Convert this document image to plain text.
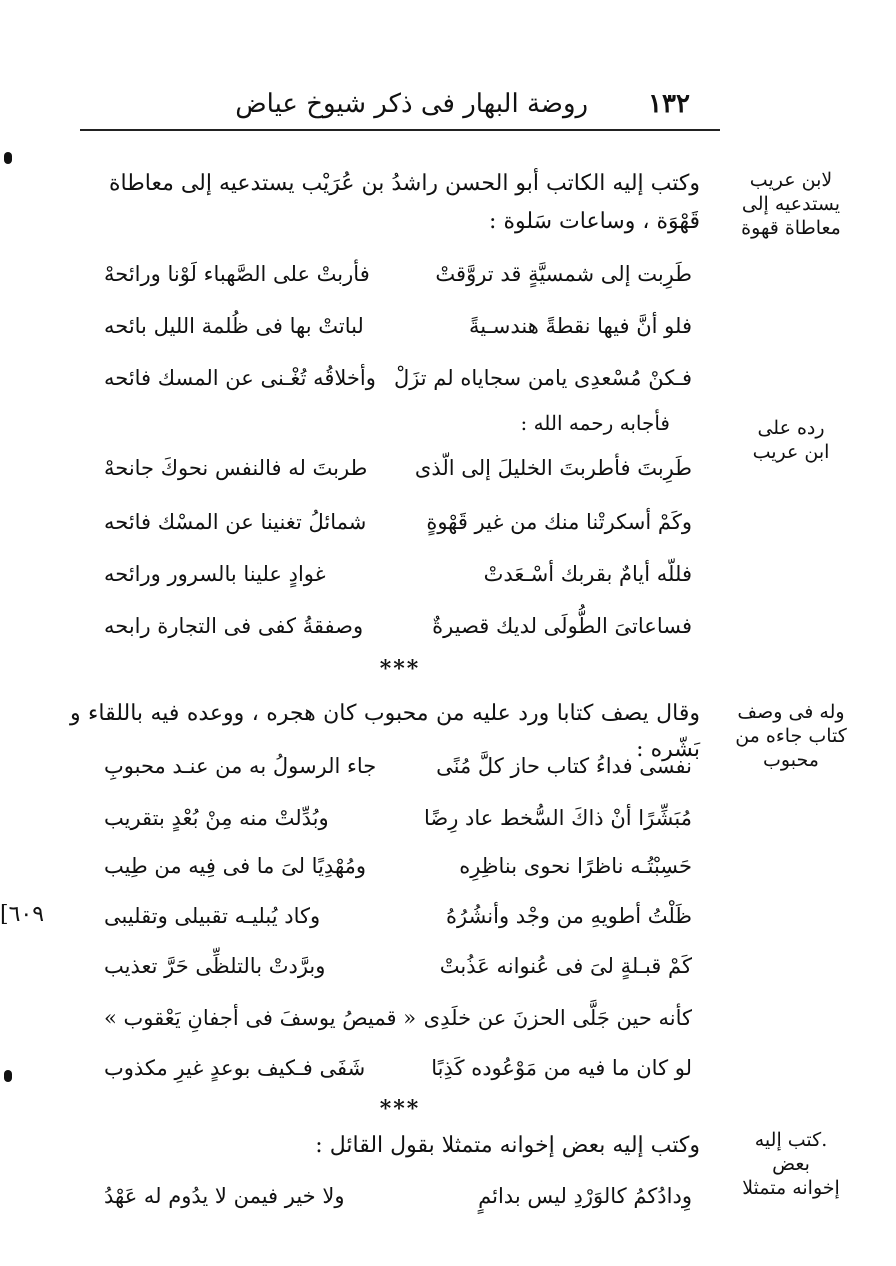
١٣٢
روضة البهار فى ذكر شيوخ عياض
[٦٠٩
وكتب إليه الكاتب أبو الحسن راشدُ بن عُرَيْب يستدعيه إلى معاطاة
قَهْوَة ، وساعات سَلوة :
طَرِبت إلى شمسيَّةٍ قد تروَّقتْ
فأربتْ على الصَّهباء لَوْنا ورائحهْ
فلو أنَّ فيها نقطةً هندسـيةً
لباتتْ بها فى ظُلمة الليل بائحه
فـكنْ مُسْعدِى يامن سجاياه لم تزَلْ
وأخلاقُه تُغْـنى عن المسك فائحه
فأجابه رحمه الله :
طَرِبتَ فأطربتَ الخليلَ إلى الّذى
طربتَ له فالنفس نحوكَ جانحهْ
وكَمْ أسكرتْنا منك من غير قَهْوةٍ
شمائلُ تغنينا عن المسْك فائحه
فللّه أيامٌ بقربك أسْـعَدتْ
غوادٍ علينا بالسرور ورائحه
فساعاتىَ الطُّولَى لديك قصيرةٌ
وصفقةُ كفى فى التجارة رابحه
***
وقال يصف كتابا ورد عليه من محبوب كان هجره ، ووعده فيه باللقاء و بَشّره :
نفسى فداءُ كتاب حاز كلَّ مُنًى
جاء الرسولُ به من عنـد محبوبِ
مُبَشِّرًا أنْ ذاكَ السُّخط عاد رِضًا
وبُدِّلتْ منه مِنْ بُعْدٍ بتقريب
حَسِبْتُـه ناظرًا نحوى بناظِرِه
ومُهْدِيًا لىَ ما فى فِيه من طِيب
ظَلْتُ أطويهِ من وجْد وأنشُرُهُ
وكاد يُبليـه تقبيلى وتقليبى
كَمْ قبـلةٍ لىَ فى عُنوانه عَذُبتْ
وبرَّدتْ بالتلظِّى حَرَّ تعذيب
كأنه حين جَلَّى الحزنَ عن خلَدِى
« قميصُ يوسفَ فى أجفانِ يَعْقوب »
لو كان ما فيه من مَوْعُوده كَذِبًا
شَفَى فـكيف بوعدٍ غيرِ مكذوب
***
وكتب إليه بعض إخوانه متمثلا بقول القائل :
وِدادُكمُ كالوَرْدِ ليس بدائمٍ
ولا خير فيمن لا يدُوم له عَهْدُ
لابن عريب
يستدعيه إلى
معاطاة قهوة
رده على
ابن عريب
وله فى وصف
كتاب جاءه من
محبوب
.كتب إليه بعض
إخوانه متمثلا
